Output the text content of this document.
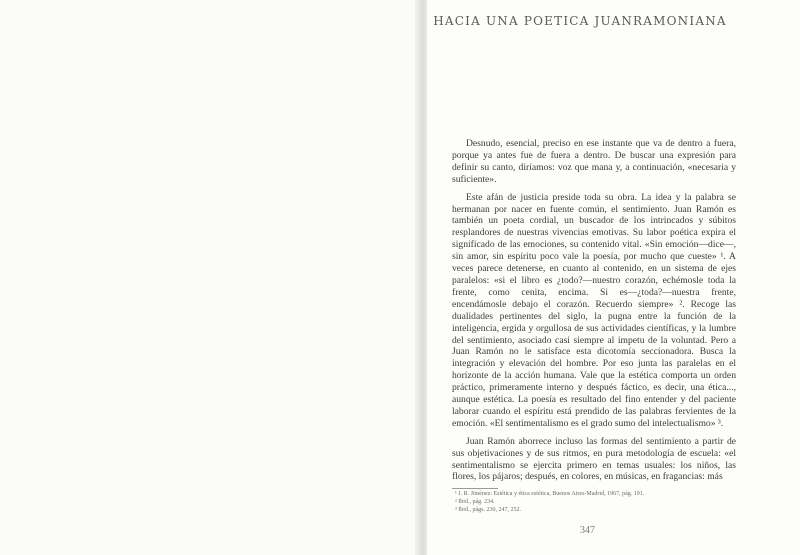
HACIA UNA POETICA JUANRAMONIANA

Desnudo, esencial, preciso en ese instante que va de dentro a fuera, porque ya antes fue de fuera a dentro. De buscar una expresión para definir su canto, diríamos: voz que mana y, a continuación, «necesaria y suficiente».

Este afán de justicia preside toda su obra. La idea y la palabra se hermanan por nacer en fuente común, el sentimiento. Juan Ramón es también un poeta cordial, un buscador de los intrincados y súbitos resplandores de nuestras vivencias emotivas. Su labor poética expira el significado de las emociones, su contenido vital. «Sin emoción—dice—, sin amor, sin espíritu poco vale la poesía, por mucho que cueste» ¹. A veces parece detenerse, en cuanto al contenido, en un sistema de ejes paralelos: «si el libro es ¿todo?—nuestro corazón, echémosle toda la frente, como cenita, encima. Si es—¿toda?—nuestra frente, encendámosle debajo el corazón. Recuerdo siempre» ². Recoge las dualidades pertinentes del siglo, la pugna entre la función de la inteligencia, ergida y orgullosa de sus actividades científicas, y la lumbre del sentimiento, asociado casi siempre al ímpetu de la voluntad. Pero a Juan Ramón no le satisface esta dicotomía seccionadora. Busca la integración y elevación del hombre. Por eso junta las paralelas en el horizonte de la acción humana. Vale que la estética comporta un orden práctico, primeramente interno y después fáctico, es decir, una ética..., aunque estética. La poesía es resultado del fino entender y del paciente laborar cuando el espíritu está prendido de las palabras fervientes de la emoción. «El sentimentalismo es el grado sumo del intelectualismo» ³.

Juan Ramón aborrece incluso las formas del sentimiento a partir de sus objetivaciones y de sus ritmos, en pura metodología de escuela: «el sentimentalismo se ejercita primero en temas usuales: los niños, las flores, los pájaros; después, en colores, en músicas, en fragancias: más

¹ J. R. Jiménez: Estética y ética estética, Buenos Aires-Madrid, 1967, pág. 191.

² Ibid., pág. 234.

³ Ibid., págs. 230, 247, 252.

347
